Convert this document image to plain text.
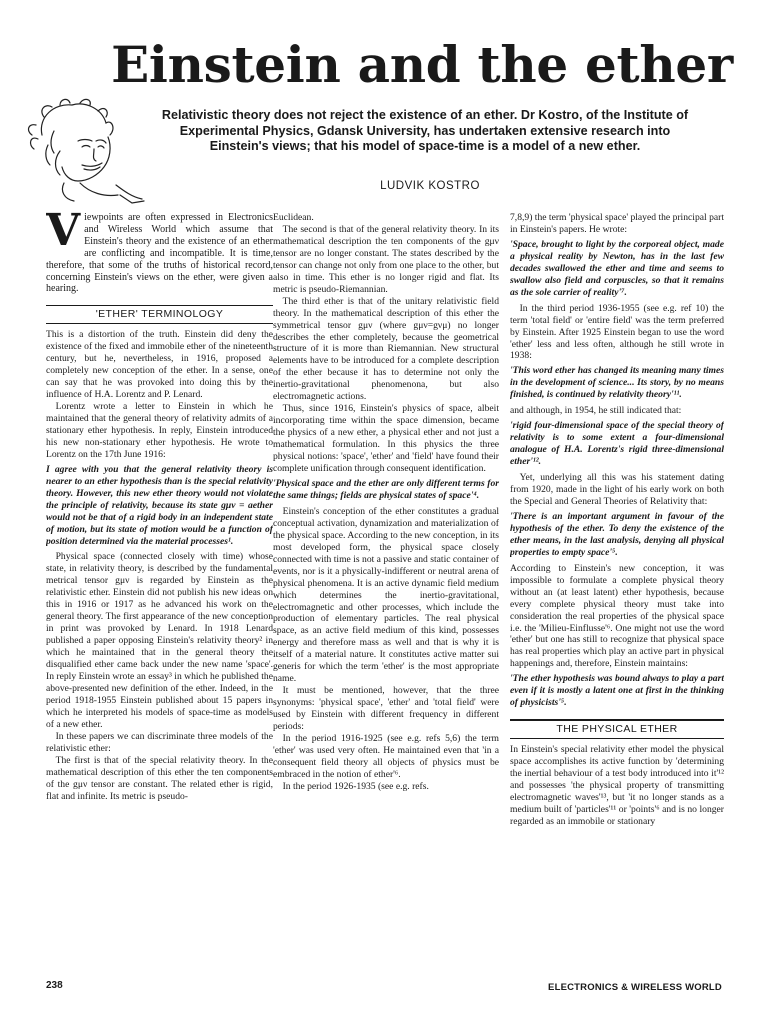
Einstein and the ether

Relativistic theory does not reject the existence of an ether. Dr Kostro, of the Institute of Experimental Physics, Gdansk University, has undertaken extensive research into Einstein's views; that his model of space-time is a model of a new ether.

LUDVIK KOSTRO

V iewpoints are often expressed in Electronics and Wireless World which assume that Einstein's theory and the existence of an ether are conflicting and incompatible. It is time, therefore, that some of the truths of historical record, concerning Einstein's views on the ether, were given a hearing.

'ETHER' TERMINOLOGY

This is a distortion of the truth. Einstein did deny the existence of the fixed and immobile ether of the nineteenth century, but he, nevertheless, in 1916, proposed a completely new conception of the ether. In a sense, one can say that he was provoked into doing this by the influence of H.A. Lorentz and P. Lenard.

Lorentz wrote a letter to Einstein in which he maintained that the general theory of relativity admits of a stationary ether hypothesis. In reply, Einstein introduced his new non-stationary ether hypothesis. He wrote to Lorentz on the 17th June 1916:

I agree with you that the general relativity theory is nearer to an ether hypothesis than is the special relativity theory. However, this new ether theory would not violate the principle of relativity, because its state gμν = aether would not be that of a rigid body in an independent state of motion, but its state of motion would be a function of position determined via the material processes¹.

Physical space (connected closely with time) whose state, in relativity theory, is described by the fundamental metrical tensor gμν is regarded by Einstein as the relativistic ether. Einstein did not publish his new ideas on this in 1916 or 1917 as he advanced his work on the general theory. The first appearance of the new conception in print was provoked by Lenard. In 1918 Lenard published a paper opposing Einstein's relativity theory² in which he maintained that in the general theory the disqualified ether came back under the new name 'space'. In reply Einstein wrote an essay³ in which he published the above-presented new definition of the ether. Indeed, in the period 1918-1955 Einstein published about 15 papers in which he interpreted his models of space-time as models of a new ether.

In these papers we can discriminate three models of the relativistic ether:

The first is that of the special relativity theory. In the mathematical description of this ether the ten components of the gμν tensor are constant. The related ether is rigid, flat and infinite. Its metric is pseudo-

Euclidean.

The second is that of the general relativity theory. In its mathematical description the ten components of the gμν tensor are no longer constant. The states described by the tensor can change not only from one place to the other, but also in time. This ether is no longer rigid and flat. Its metric is pseudo-Riemannian.

The third ether is that of the unitary relativistic field theory. In the mathematical description of this ether the symmetrical tensor gμν (where gμν=gνμ) no longer describes the ether completely, because the geometrical structure of it is more than Riemannian. New structural elements have to be introduced for a complete description of the ether because it has to determine not only the inertio-gravitational phenomenona, but also electromagnetic actions.

Thus, since 1916, Einstein's physics of space, albeit incorporating time within the space dimension, became the physics of a new ether, a physical ether and not just a mathematical formulation. In this physics the three physical notions: 'space', 'ether' and 'field' have found their complete unification through consequent identification.

'Physical space and the ether are only different terms for the same things; fields are physical states of space'⁴.

Einstein's conception of the ether constitutes a gradual conceptual activation, dynamization and materialization of the physical space. According to the new conception, in its most developed form, the physical space closely connected with time is not a passive and static container of events, nor is it a physically-indifferent or neutral arena of physical phenomena. It is an active dynamic field medium which determines the inertio-gravitational, electromagnetic and other processes, which include the production of elementary particles. The real physical space, as an active field medium of this kind, possesses energy and therefore mass as well and that is why it is itself of a material nature. It constitutes active matter sui generis for which the term 'ether' is the most appropriate name.

It must be mentioned, however, that the three synonyms: 'physical space', 'ether' and 'total field' were used by Einstein with different frequency in different periods:

In the period 1916-1925 (see e.g. refs 5,6) the term 'ether' was used very often. He maintained even that 'in a consequent field theory all objects of physics must be embraced in the notion of ether'⁶.

In the period 1926-1935 (see e.g. refs.

7,8,9) the term 'physical space' played the principal part in Einstein's papers. He wrote:

'Space, brought to light by the corporeal object, made a physical reality by Newton, has in the last few decades swallowed the ether and time and seems to swallow also field and corpuscles, so that it remains as the sole carrier of reality'⁷.

In the third period 1936-1955 (see e.g. ref 10) the term 'total field' or 'entire field' was the term preferred by Einstein. After 1925 Einstein began to use the word 'ether' less and less often, although he still wrote in 1938:

'This word ether has changed its meaning many times in the development of science... Its story, by no means finished, is continued by relativity theory'¹¹.

and although, in 1954, he still indicated that:

'rigid four-dimensional space of the special theory of relativity is to some extent a four-dimensional analogue of H.A. Lorentz's rigid three-dimensional ether'¹².

Yet, underlying all this was his statement dating from 1920, made in the light of his early work on both the Special and General Theories of Relativity that:

'There is an important argument in favour of the hypothesis of the ether. To deny the existence of the ether means, in the last analysis, denying all physical properties to empty space'⁵.

According to Einstein's new conception, it was impossible to formulate a complete physical theory without an (at least latent) ether hypothesis, because every complete physical theory must take into consideration the real properties of the physical space i.e. the 'Milieu-Einflusse'⁶. One might not use the word 'ether' but one has still to recognize that physical space has real properties which play an active part in physical happenings and, therefore, Einstein maintains:

'The ether hypothesis was bound always to play a part even if it is mostly a latent one at first in the thinking of physicists'⁵.

THE PHYSICAL ETHER

In Einstein's special relativity ether model the physical space accomplishes its active function by 'determining the inertial behaviour of a test body introduced into it'¹² and possesses 'the physical property of transmitting electromagnetic waves'¹³, but 'it no longer stands as a medium built of 'particles'¹¹ or 'points'⁶ and is no longer regarded as an immobile or stationary

238	ELECTRONICS & WIRELESS WORLD
